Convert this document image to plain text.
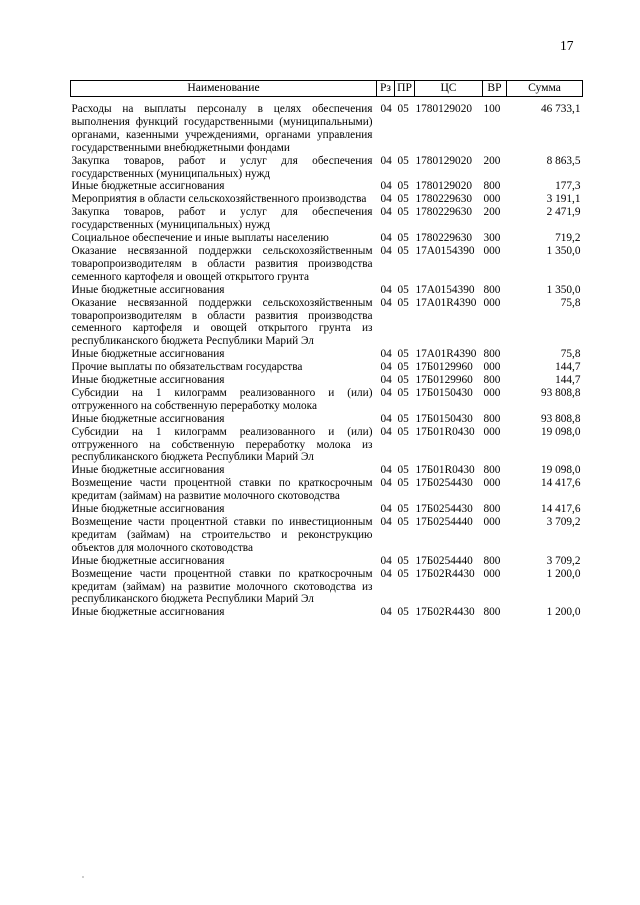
17
Наименование	Рз	ПР	ЦС	ВР	Сумма
Расходы на выплаты персоналу в целях обеспечения выполнения функций государственными (муниципальными) органами, казенными учреждениями, органами управления государственными внебюджетными фондами	04	05	1780129020	100	46 733,1
Закупка товаров, работ и услуг для обеспечения государственных (муниципальных) нужд	04	05	1780129020	200	8 863,5
Иные бюджетные ассигнования	04	05	1780129020	800	177,3
Мероприятия в области сельскохозяйственного производства	04	05	1780229630	000	3 191,1
Закупка товаров, работ и услуг для обеспечения государственных (муниципальных) нужд	04	05	1780229630	200	2 471,9
Социальное обеспечение и иные выплаты населению	04	05	1780229630	300	719,2
Оказание несвязанной поддержки сельскохозяйственным товаропроизводителям в области развития производства семенного картофеля и овощей открытого грунта	04	05	17А0154390	000	1 350,0
Иные бюджетные ассигнования	04	05	17А0154390	800	1 350,0
Оказание несвязанной поддержки сельскохозяйственным товаропроизводителям в области развития производства семенного картофеля и овощей открытого грунта из республиканского бюджета Республики Марий Эл	04	05	17А01R4390	000	75,8
Иные бюджетные ассигнования	04	05	17А01R4390	800	75,8
Прочие выплаты по обязательствам государства	04	05	17Б0129960	000	144,7
Иные бюджетные ассигнования	04	05	17Б0129960	800	144,7
Субсидии на 1 килограмм реализованного и (или) отгруженного на собственную переработку молока	04	05	17Б0150430	000	93 808,8
Иные бюджетные ассигнования	04	05	17Б0150430	800	93 808,8
Субсидии на 1 килограмм реализованного и (или) отгруженного на собственную переработку молока из республиканского бюджета Республики Марий Эл	04	05	17Б01R0430	000	19 098,0
Иные бюджетные ассигнования	04	05	17Б01R0430	800	19 098,0
Возмещение части процентной ставки по краткосрочным кредитам (займам) на развитие молочного скотоводства	04	05	17Б0254430	000	14 417,6
Иные бюджетные ассигнования	04	05	17Б0254430	800	14 417,6
Возмещение части процентной ставки по инвестиционным кредитам (займам) на строительство и реконструкцию объектов для молочного скотоводства	04	05	17Б0254440	000	3 709,2
Иные бюджетные ассигнования	04	05	17Б0254440	800	3 709,2
Возмещение части процентной ставки по краткосрочным кредитам (займам) на развитие молочного скотоводства из республиканского бюджета Республики Марий Эл	04	05	17Б02R4430	000	1 200,0
Иные бюджетные ассигнования	04	05	17Б02R4430	800	1 200,0
